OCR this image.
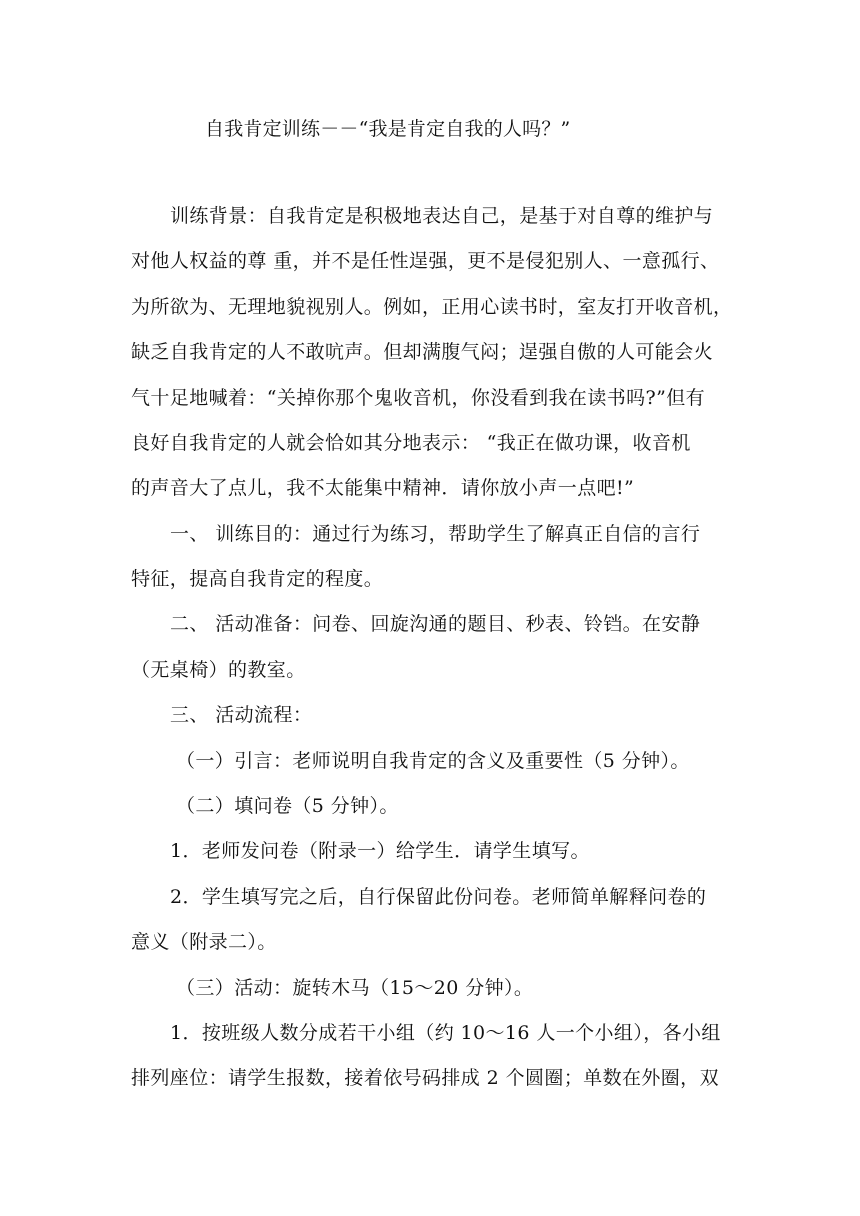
自我肯定训练－－“我是肯定自我的人吗？”
训练背景：自我肯定是积极地表达自己，是基于对自尊的维护与
对他人权益的尊 重，并不是任性逞强，更不是侵犯别人、一意孤行、
为所欲为、无理地貌视别人。例如，正用心读书时，室友打开收音机，
缺乏自我肯定的人不敢吭声。但却满腹气闷；逞强自傲的人可能会火
气十足地喊着：“关掉你那个鬼收音机，你没看到我在读书吗?”但有
良好自我肯定的人就会恰如其分地表示： “我正在做功课，收音机
的声音大了点儿，我不太能集中精神．请你放小声一点吧!”
一、 训练目的：通过行为练习，帮助学生了解真正自信的言行
特征，提高自我肯定的程度。
二、 活动准备：问卷、回旋沟通的题目、秒表、铃铛。在安静
（无桌椅）的教室。
三、 活动流程：
（一）引言：老师说明自我肯定的含义及重要性（5 分钟）。
（二）填问卷（5 分钟）。
1．老师发问卷（附录一）给学生．请学生填写。
2．学生填写完之后，自行保留此份问卷。老师简单解释问卷的
意义（附录二）。
（三）活动：旋转木马（15～20 分钟）。
1．按班级人数分成若干小组（约 10～16 人一个小组），各小组
排列座位：请学生报数，接着依号码排成 2 个圆圈；单数在外圈，双
